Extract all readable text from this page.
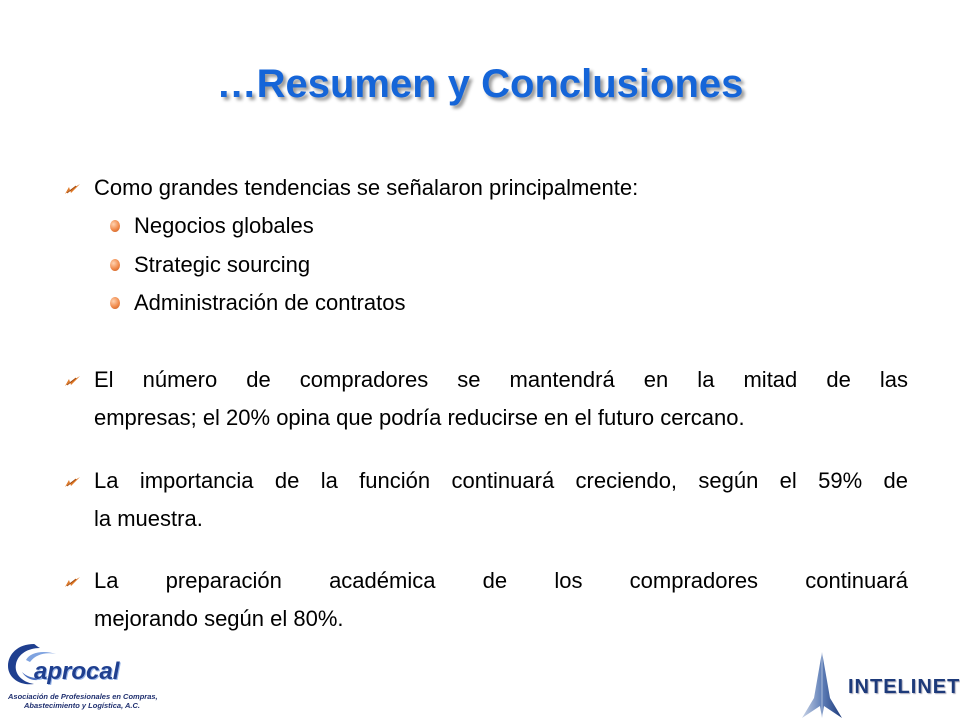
…Resumen y Conclusiones
Como grandes tendencias se señalaron principalmente:
Negocios globales
Strategic sourcing
Administración de contratos
El número de compradores se mantendrá en la mitad de las
empresas; el 20% opina que podría reducirse en el futuro cercano.
La importancia de la función continuará creciendo, según el 59% de
la muestra.
La preparación académica de los compradores continuará
mejorando según el 80%.
aprocal
Asociación de Profesionales en Compras,
Abastecimiento y Logística, A.C.
INTELINET
